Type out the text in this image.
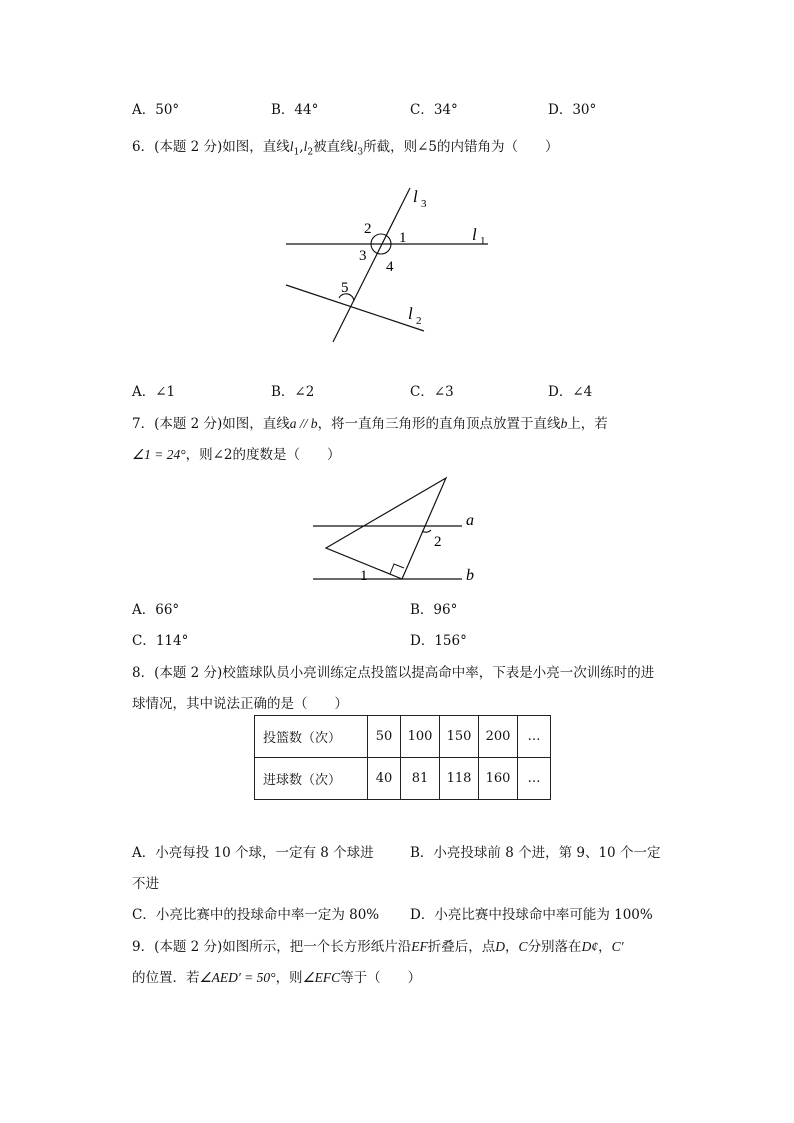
A．50°	B．44°	C．34°	D．30°
6．(本题 2 分)如图，直线$l_1,l_2$被直线$l_3$所截，则∠5的内错角为（　　）
l 3
l 1
l 2
1
2
3
4
5
A．∠1	B．∠2	C．∠3	D．∠4
7．(本题 2 分)如图，直线a // b，将一直角三角形的直角顶点放置于直线b上，若
∠1 = 24°，则∠2的度数是（　　）
a
b
1
2
A．66°	B．96°
C．114°	D．156°
8．(本题 2 分)校篮球队员小亮训练定点投篮以提高命中率，下表是小亮一次训练时的进
球情况，其中说法正确的是（　　）
投篮数（次）	50	100	150	200	…
进球数（次）	40	81	118	160	…
A．小亮每投 10 个球，一定有 8 个球进	B．小亮投球前 8 个进，第 9、10 个一定
不进
C．小亮比赛中的投球命中率一定为 80% D．小亮比赛中投球命中率可能为 100%
9．(本题 2 分)如图所示，把一个长方形纸片沿EF折叠后，点D，C分别落在D¢，C′
的位置．若∠AED′ = 50°，则∠EFC等于（　　）
